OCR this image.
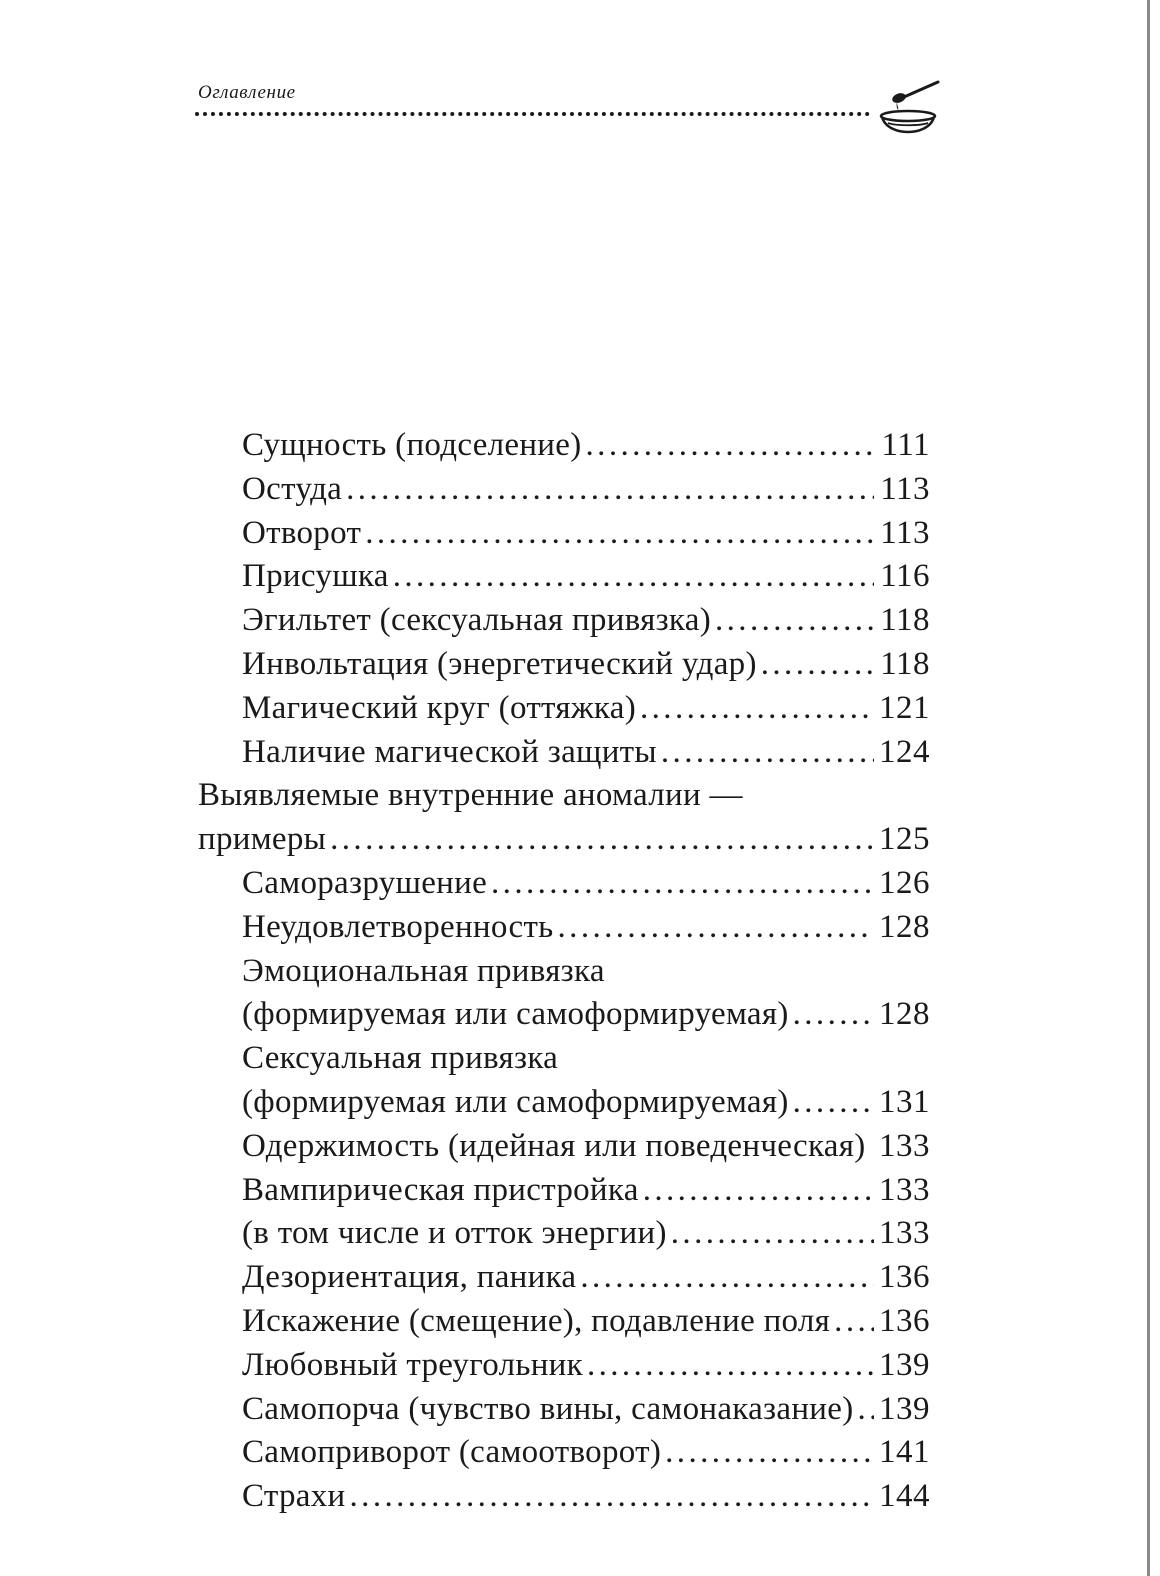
Оглавление
Сущность (подселение) .....	111
Остуда .....	113
Отворот .....	113
Присушка .....	116
Эгильтет (сексуальная привязка) .....	118
Инвольтация (энергетический удар) .....	118
Магический круг (оттяжка) .....	121
Наличие магической защиты .....	124
Выявляемые внутренние аномалии —
примеры .....	125
Саморазрушение .....	126
Неудовлетворенность .....	128
Эмоциональная привязка
(формируемая или самоформируемая) .....	128
Сексуальная привязка
(формируемая или самоформируемая) .....	131
Одержимость (идейная или поведенческая) 133
Вампирическая пристройка .....	133
(в том числе и отток энергии) .....	133
Дезориентация, паника .....	136
Искажение (смещение), подавление поля ..... 136
Любовный треугольник .....	139
Самопорча (чувство вины, самонаказание) ..... 139
Самоприворот (самоотворот) .....	141
Страхи .....	144
